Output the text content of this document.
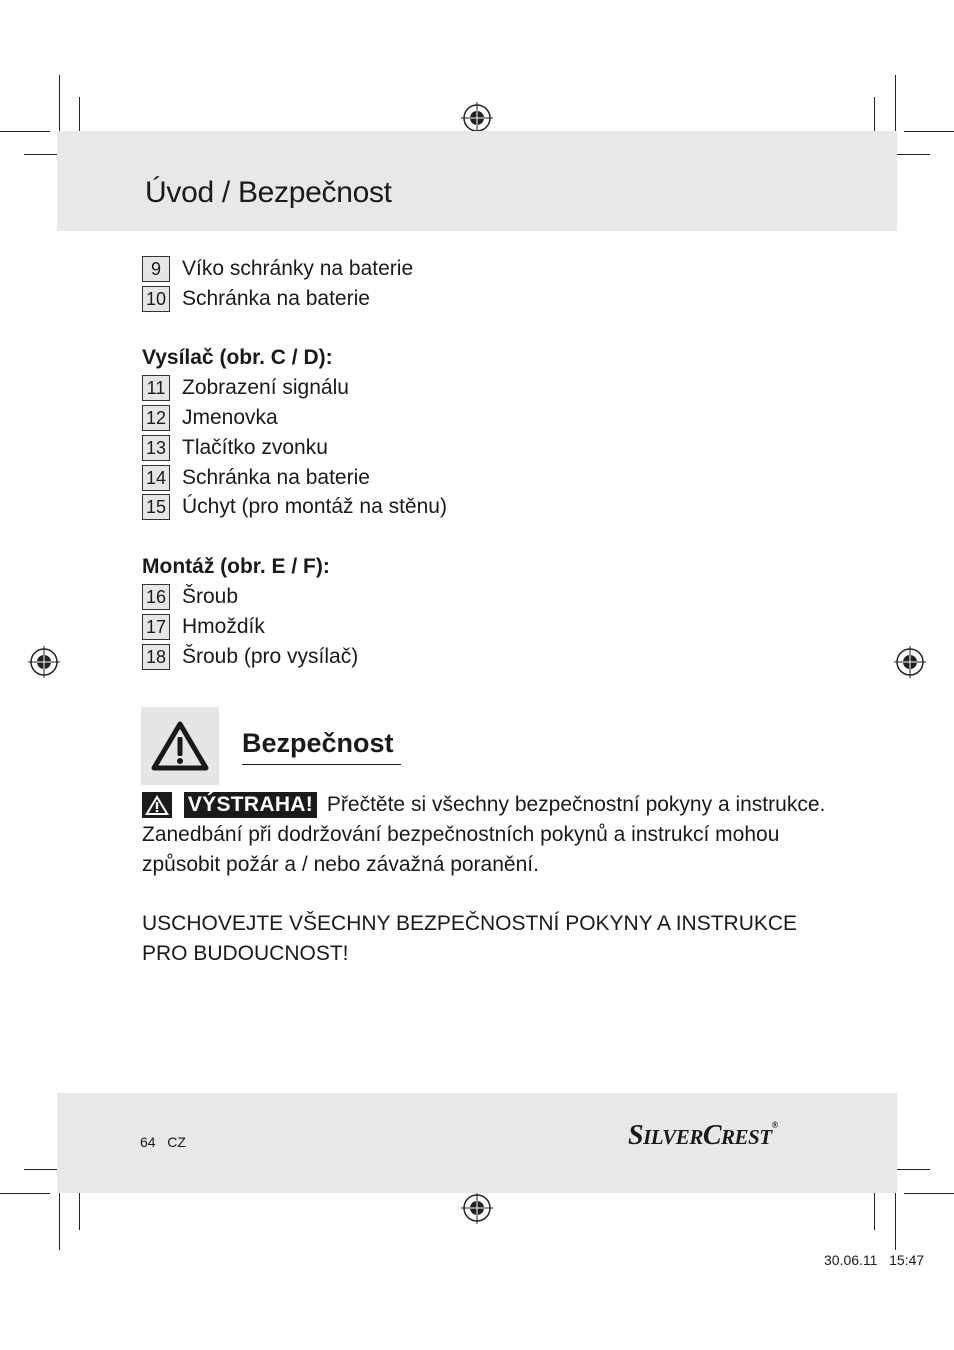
Úvod / Bezpečnost
9	Víko schránky na baterie
10 Schránka na baterie
Vysílač (obr. C / D):
11 Zobrazení signálu
12 Jmenovka
13 Tlačítko zvonku
14 Schránka na baterie
15 Úchyt (pro montáž na stěnu)
Montáž (obr. E / F):
16 Šroub
17 Hmoždík
18 Šroub (pro vysílač)
Bezpečnost
VÝSTRAHA! Přečtěte si všechny bezpečnostní pokyny a instrukce.
Zanedbání při dodržování bezpečnostních pokynů a instrukcí mohou
způsobit požár a / nebo závažná poranění.
USCHOVEJTE VŠECHNY BEZPEČNOSTNÍ POKYNY A INSTRUKCE
PRO BUDOUCNOST!
64 CZ	SILVERCREST®
30.06.11   15:47
